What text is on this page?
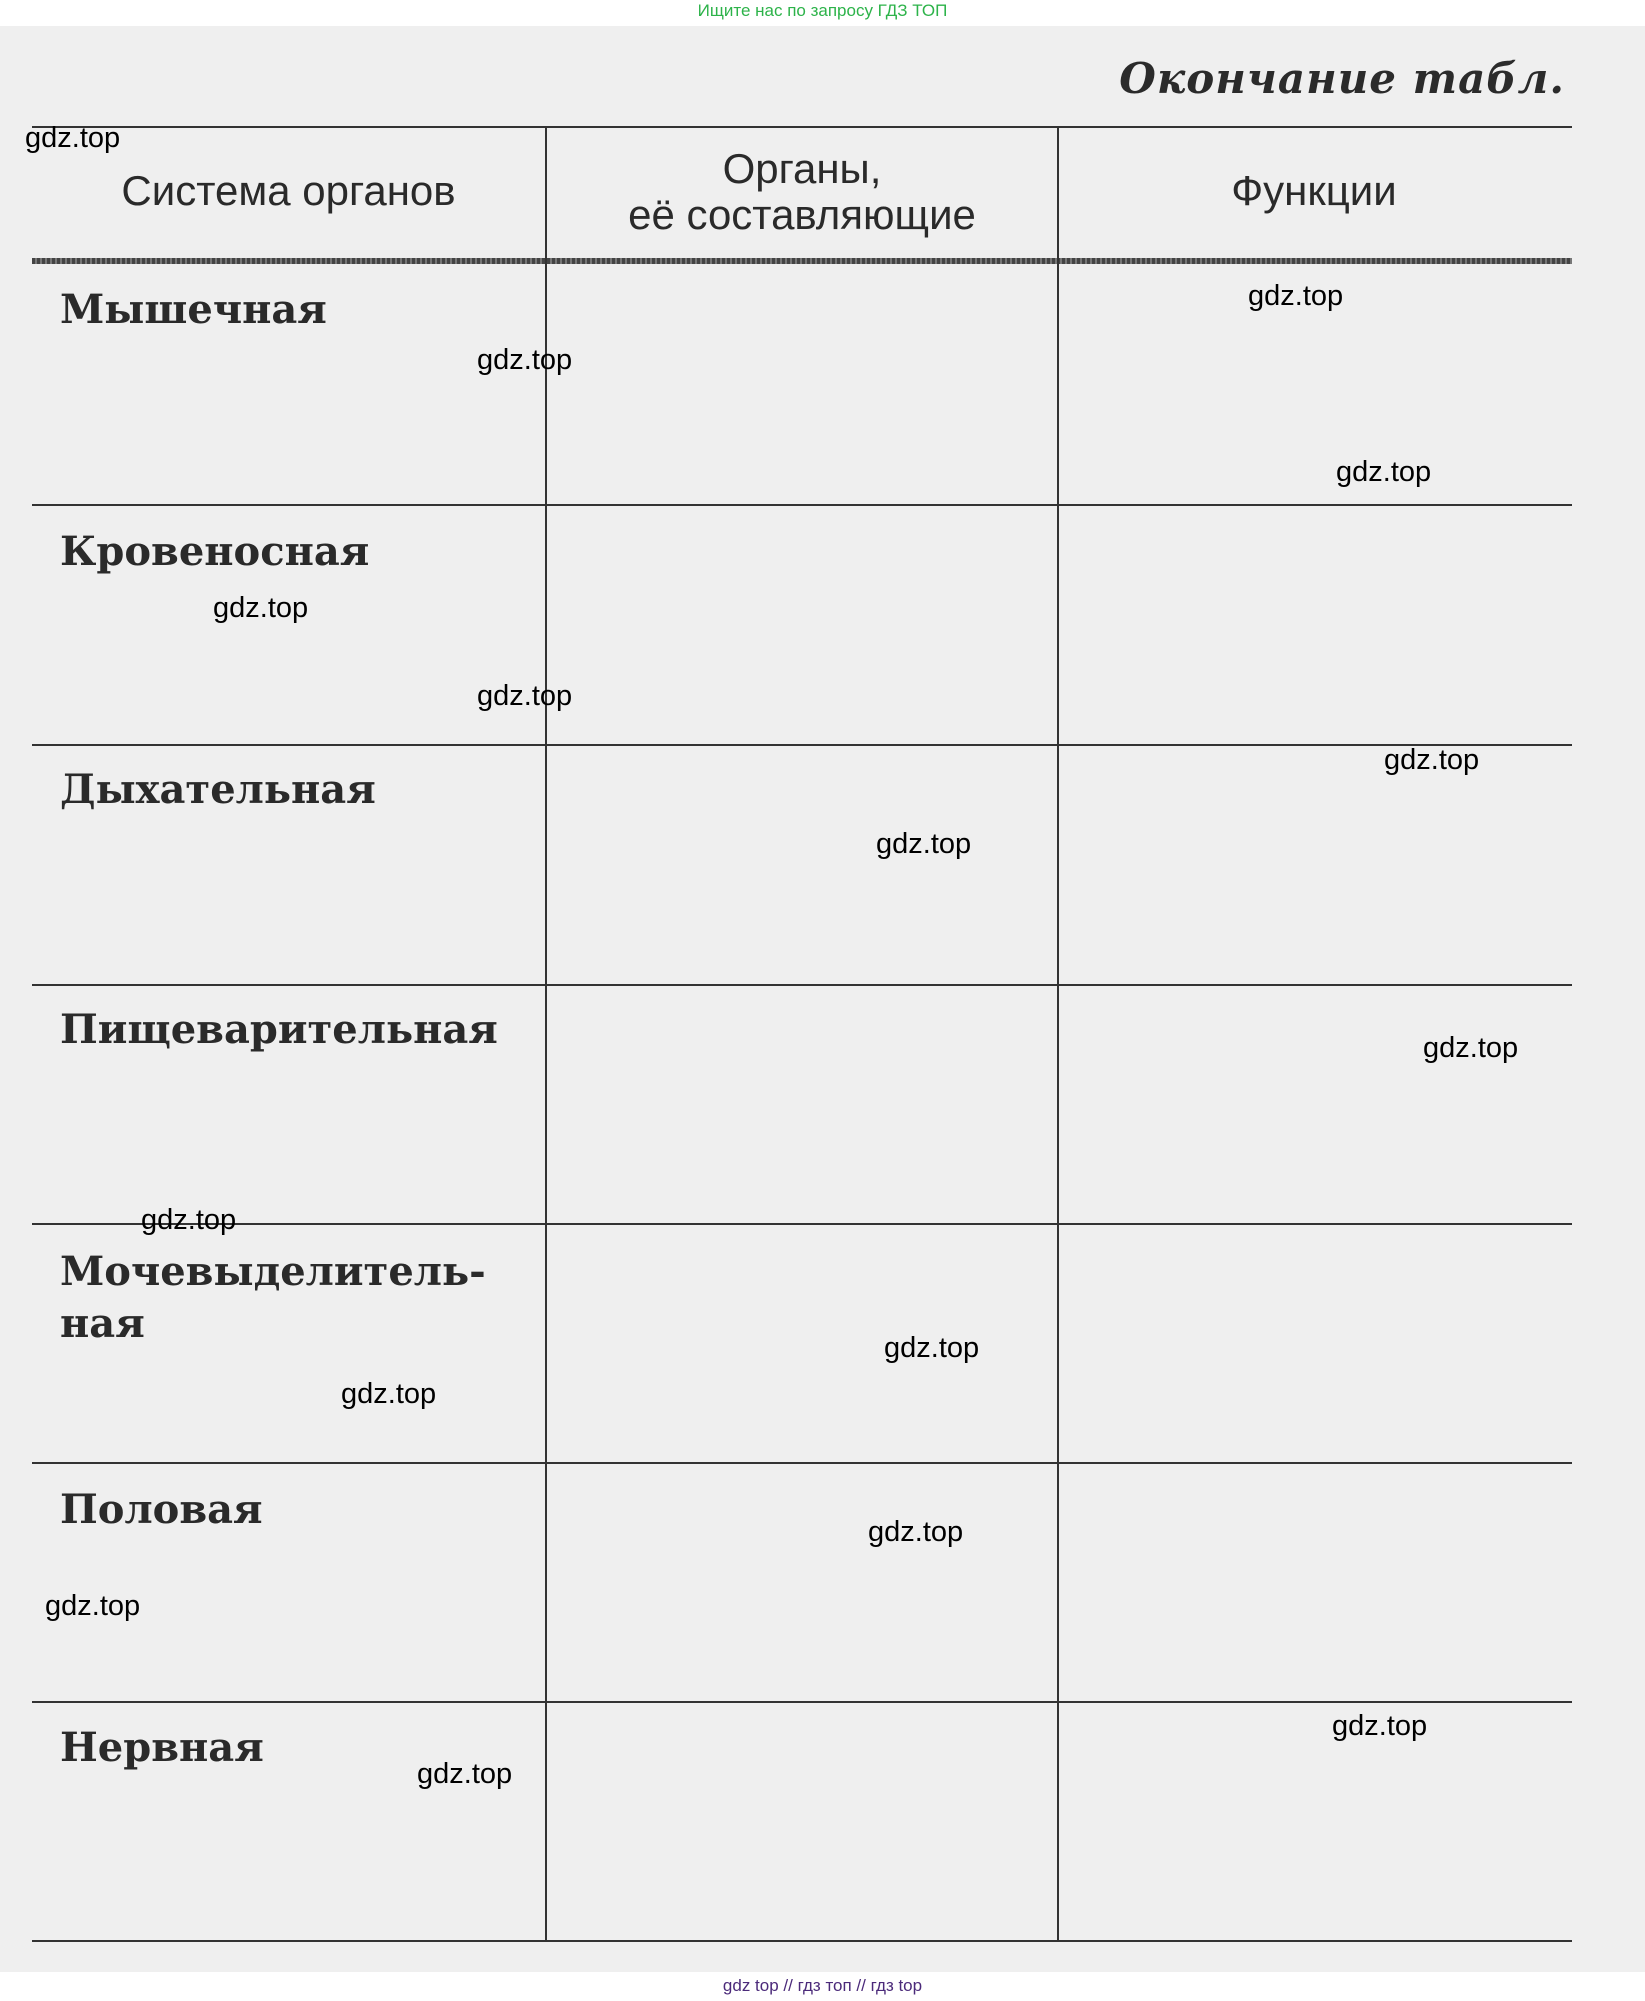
Ищите нас по запросу ГДЗ ТОП
Окончание табл.
Система органов	Органы,
её составляющие
Функции
Мышечная
Кровеносная
Дыхательная
Пищеварительная
Мочевыделитель-
ная
Половая
Нервная
gdz.top
gdz.top
gdz.top
gdz.top
gdz.top
gdz.top
gdz.top
gdz.top
gdz.top
gdz.top
gdz.top
gdz.top
gdz.top
gdz.top
gdz.top
gdz.top
gdz top // гдз топ // гдз top
